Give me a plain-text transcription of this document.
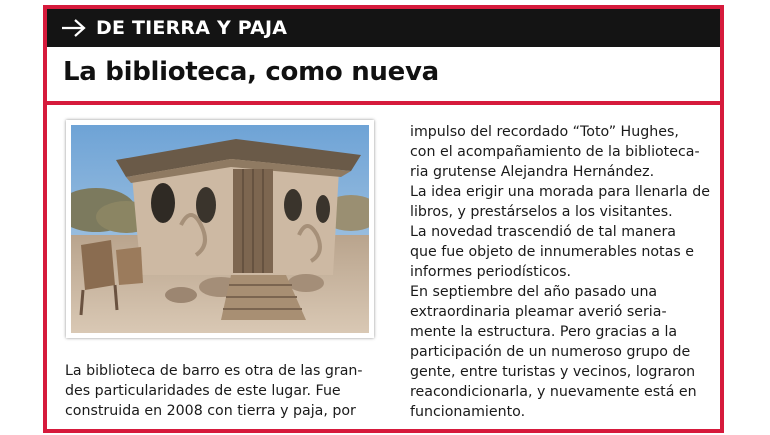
DE TIERRA Y PAJA
La biblioteca, como nueva
La biblioteca de barro es otra de las gran-
des particularidades de este lugar. Fue
construida en 2008 con tierra y paja, por
impulso del recordado “Toto” Hughes,
con el acompañamiento de la biblioteca-
ria grutense Alejandra Hernández.
La idea erigir una morada para llenarla de
libros, y prestárselos a los visitantes.
La novedad trascendió de tal manera
que fue objeto de innumerables notas e
informes periodísticos.
En septiembre del año pasado una
extraordinaria pleamar averió seria-
mente la estructura. Pero gracias a la
participación de un numeroso grupo de
gente, entre turistas y vecinos, lograron
reacondicionarla, y nuevamente está en
funcionamiento.
